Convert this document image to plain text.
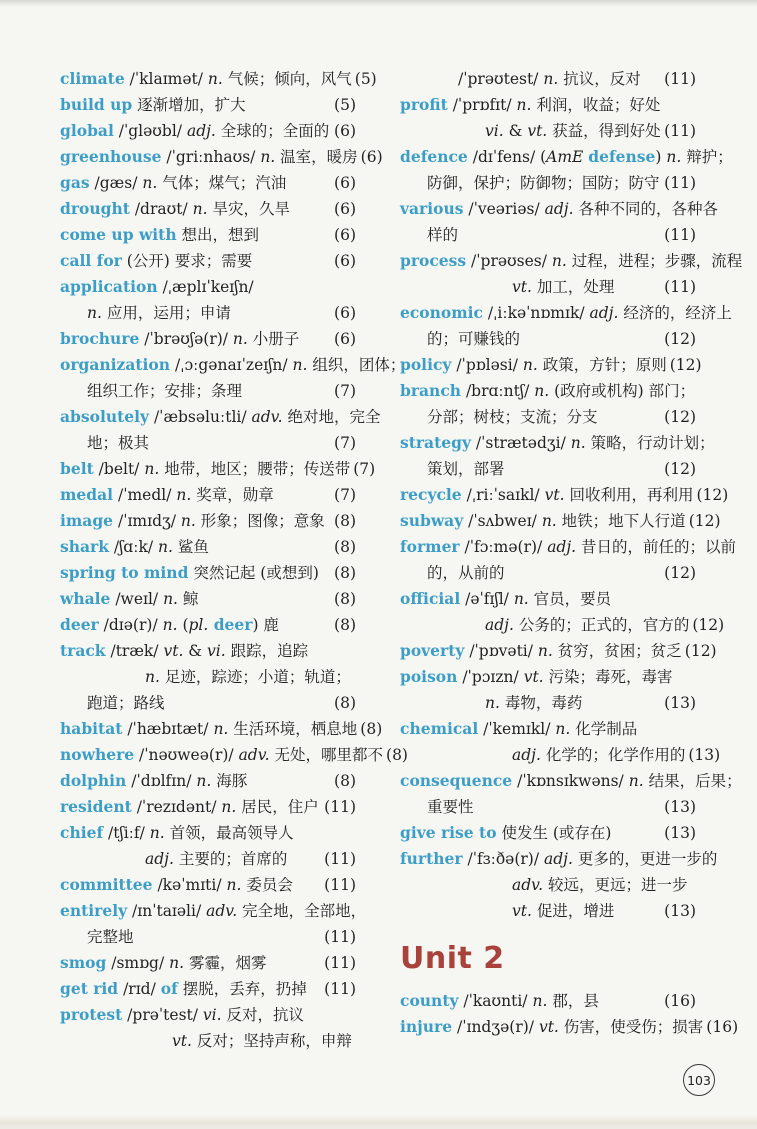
climate /ˈklaɪmət/ n. 气候；倾向，风气 (5)
build up 逐渐增加，扩大	(5)
global /ˈgləʊbl/ adj. 全球的；全面的 (6)
greenhouse /ˈgriːnhaʊs/ n. 温室，暖房 (6)
gas /gæs/ n. 气体；煤气；汽油	(6)
drought /draʊt/ n. 旱灾，久旱	(6)
come up with 想出，想到	(6)
call for (公开) 要求；需要	(6)
application /ˌæplɪˈkeɪʃn/
n. 应用，运用；申请	(6)
brochure /ˈbrəʊʃə(r)/ n. 小册子 (6)
organization /ˌɔːgənaɪˈzeɪʃn/ n. 组织，团体；
组织工作；安排；条理	(7)
absolutely /ˈæbsəluːtli/ adv. 绝对地，完全
地；极其	(7)
belt /belt/ n. 地带，地区；腰带；传送带 (7)
medal /ˈmedl/ n. 奖章，勋章	(7)
image /ˈɪmɪdʒ/ n. 形象；图像；意象 (8)
shark /ʃɑːk/ n. 鲨鱼	(8)
spring to mind 突然记起 (或想到) (8)
whale /weɪl/ n. 鲸	(8)
deer /dɪə(r)/ n. (pl. deer) 鹿	(8)
track /træk/ vt. & vi. 跟踪，追踪
n. 足迹，踪迹；小道；轨道；
跑道；路线	(8)
habitat /ˈhæbɪtæt/ n. 生活环境，栖息地 (8)
nowhere /ˈnəʊweə(r)/ adv. 无处，哪里都不 (8)
dolphin /ˈdɒlfɪn/ n. 海豚	(8)
resident /ˈrezɪdənt/ n. 居民，住户 (11)
chief /tʃiːf/ n. 首领，最高领导人
adj. 主要的；首席的 (11)
committee /kəˈmɪti/ n. 委员会 (11)
entirely /ɪnˈtaɪəli/ adv. 完全地，全部地，
完整地	(11)
smog /smɒg/ n. 雾霾，烟雾	(11)
get rid /rɪd/ of 摆脱，丢弃，扔掉 (11)
protest /prəˈtest/ vi. 反对，抗议
vt. 反对；坚持声称，申辩
/ˈprəʊtest/ n. 抗议，反对 (11)
profit /ˈprɒfɪt/ n. 利润，收益；好处
vi. & vt. 获益，得到好处 (11)
defence /dɪˈfens/ (AmE defense) n. 辩护；
防御，保护；防御物；国防；防守 (11)
various /ˈveəriəs/ adj. 各种不同的，各种各
样的	(11)
process /ˈprəʊses/ n. 过程，进程；步骤，流程
vt. 加工，处理	(11)
economic /ˌiːkəˈnɒmɪk/ adj. 经济的，经济上
的；可赚钱的	(12)
policy /ˈpɒləsi/ n. 政策，方针；原则 (12)
branch /brɑːntʃ/ n. (政府或机构) 部门；
分部；树枝；支流；分支	(12)
strategy /ˈstrætədʒi/ n. 策略，行动计划；
策划，部署	(12)
recycle /ˌriːˈsaɪkl/ vt. 回收利用，再利用 (12)
subway /ˈsʌbweɪ/ n. 地铁；地下人行道 (12)
former /ˈfɔːmə(r)/ adj. 昔日的，前任的；以前
的，从前的	(12)
official /əˈfɪʃl/ n. 官员，要员
adj. 公务的；正式的，官方的 (12)
poverty /ˈpɒvəti/ n. 贫穷，贫困；贫乏 (12)
poison /ˈpɔɪzn/ vt. 污染；毒死，毒害
n. 毒物，毒药	(13)
chemical /ˈkemɪkl/ n. 化学制品
adj. 化学的；化学作用的 (13)
consequence /ˈkɒnsɪkwəns/ n. 结果，后果；
重要性	(13)
give rise to 使发生 (或存在)	(13)
further /ˈfɜːðə(r)/ adj. 更多的，更进一步的
adv. 较远，更远；进一步
vt. 促进，增进	(13)
Unit 2
county /ˈkaʊnti/ n. 郡，县	(16)
injure /ˈɪndʒə(r)/ vt. 伤害，使受伤；损害 (16)
103
